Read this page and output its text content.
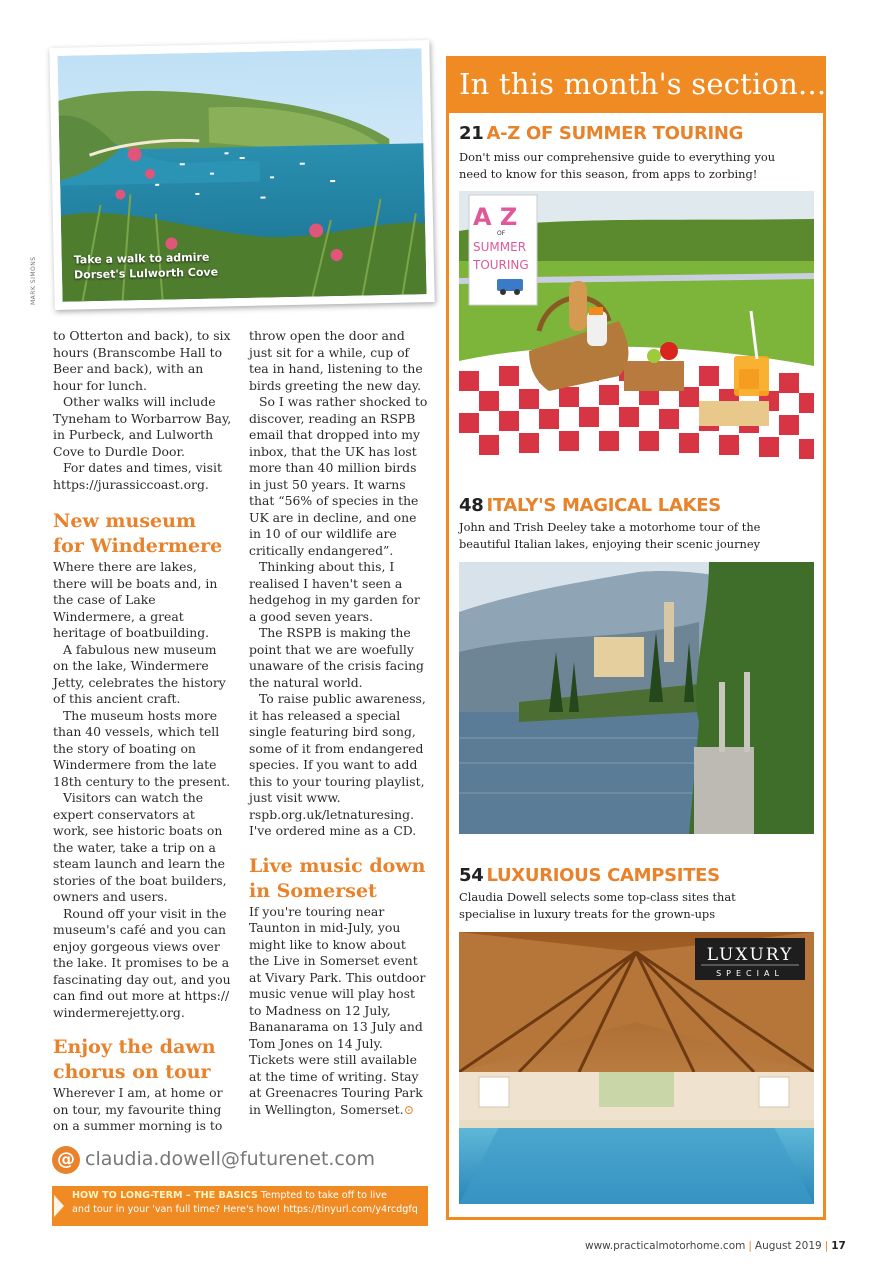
Take a walk to admire
Dorset's Lulworth Cove
MARK SIMONS

to Otterton and back), to six hours (Branscombe Hall to Beer and back), with an hour for lunch.

Other walks will include Tyneham to Worbarrow Bay, in Purbeck, and Lulworth Cove to Durdle Door.

For dates and times, visit https://jurassiccoast.org.

New museum for Windermere

Where there are lakes, there will be boats and, in the case of Lake Windermere, a great heritage of boatbuilding.

A fabulous new museum on the lake, Windermere Jetty, celebrates the history of this ancient craft.

The museum hosts more than 40 vessels, which tell the story of boating on Windermere from the late 18th century to the present.

Visitors can watch the expert conservators at work, see historic boats on the water, take a trip on a steam launch and learn the stories of the boat builders, owners and users.

Round off your visit in the museum's café and you can enjoy gorgeous views over the lake. It promises to be a fascinating day out, and you can find out more at https:// windermerejetty.org.

Enjoy the dawn chorus on tour

Wherever I am, at home or on tour, my favourite thing on a summer morning is to

throw open the door and just sit for a while, cup of tea in hand, listening to the birds greeting the new day.

So I was rather shocked to discover, reading an RSPB email that dropped into my inbox, that the UK has lost more than 40 million birds in just 50 years. It warns that “56% of species in the UK are in decline, and one in 10 of our wildlife are critically endangered”.

Thinking about this, I realised I haven't seen a hedgehog in my garden for a good seven years.

The RSPB is making the point that we are woefully unaware of the crisis facing the natural world.

To raise public awareness, it has released a special single featuring bird song, some of it from endangered species. If you want to add this to your touring playlist, just visit www. rspb.org.uk/letnaturesing. I've ordered mine as a CD.

Live music down in Somerset

If you're touring near Taunton in mid-July, you might like to know about the Live in Somerset event at Vivary Park. This outdoor music venue will play host to Madness on 12 July, Bananarama on 13 July and Tom Jones on 14 July. Tickets were still available at the time of writing. Stay at Greenacres Touring Park in Wellington, Somerset.⊙

@ claudia.dowell@futurenet.com
HOW TO LONG-TERM – THE BASICS Tempted to take off to live
and tour in your 'van full time? Here's how! https://tinyurl.com/y4rcdgfq
In this month's section...
21 A-Z OF SUMMER TOURING
Don't miss our comprehensive guide to everything you need to know for this season, from apps to zorbing!
A Z
OF
SUMMER
TOURING
48 ITALY'S MAGICAL LAKES
John and Trish Deeley take a motorhome tour of the beautiful Italian lakes, enjoying their scenic journey
54 LUXURIOUS CAMPSITES
Claudia Dowell selects some top-class sites that specialise in luxury treats for the grown-ups
LUXURY
SPECIAL
www.practicalmotorhome.com | August 2019 | 17
